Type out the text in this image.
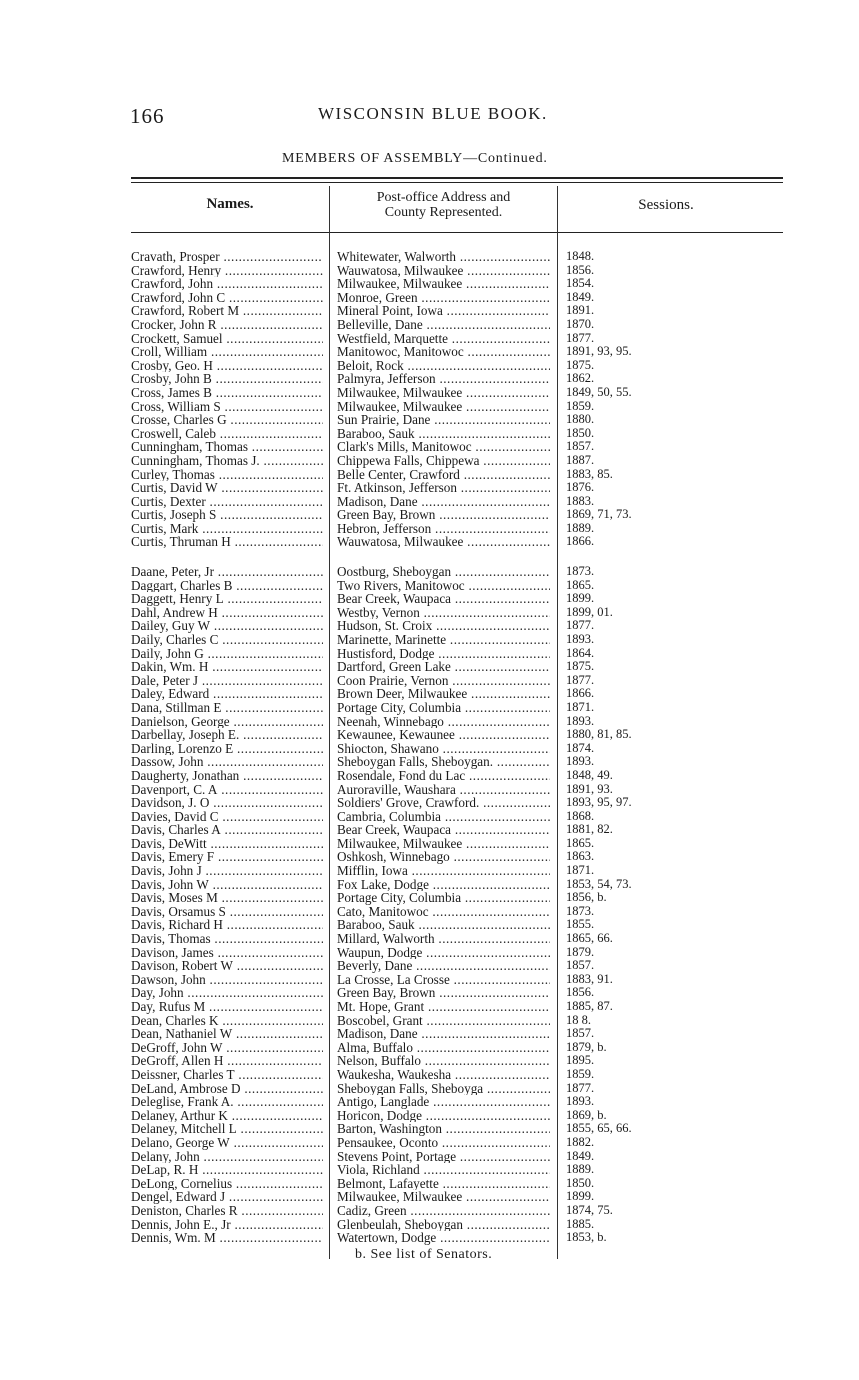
166	WISCONSIN BLUE BOOK.
MEMBERS OF ASSEMBLY—Continued.
Names.	Post-office Address and
County Represented.	Sessions.
Cravath, Prosper .....	Whitewater, Walworth .....	1848.
Crawford, Henry .....	Wauwatosa, Milwaukee .....	1856.
Crawford, John .....	Milwaukee, Milwaukee .....	1854.
Crawford, John C .....	Monroe, Green .....	1849.
Crawford, Robert M .....	Mineral Point, Iowa .....	1891.
Crocker, John R .....	Belleville, Dane .....	1870.
Crockett, Samuel .....	Westfield, Marquette .....	1877.
Croll, William .....	Manitowoc, Manitowoc .....	1891, 93, 95.
Crosby, Geo. H .....	Beloit, Rock .....	1875.
Crosby, John B .....	Palmyra, Jefferson .....	1862.
Cross, James B .....	Milwaukee, Milwaukee .....	1849, 50, 55.
Cross, William S .....	Milwaukee, Milwaukee .....	1859.
Crosse, Charles G .....	Sun Prairie, Dane .....	1880.
Croswell, Caleb .....	Baraboo, Sauk .....	1850.
Cunningham, Thomas .....	Clark's Mills, Manitowoc .....	1857.
Cunningham, Thomas J. .....	Chippewa Falls, Chippewa .....	1887.
Curley, Thomas .....	Belle Center, Crawford .....	1883, 85.
Curtis, David W .....	Ft. Atkinson, Jefferson .....	1876.
Curtis, Dexter .....	Madison, Dane .....	1883.
Curtis, Joseph S .....	Green Bay, Brown .....	1869, 71, 73.
Curtis, Mark .....	Hebron, Jefferson .....	1889.
Curtis, Thruman H .....	Wauwatosa, Milwaukee .....	1866.
Daane, Peter, Jr .....	Oostburg, Sheboygan .....	1873.
Daggart, Charles B .....	Two Rivers, Manitowoc .....	1865.
Daggett, Henry L .....	Bear Creek, Waupaca .....	1899.
Dahl, Andrew H .....	Westby, Vernon .....	1899, 01.
Dailey, Guy W .....	Hudson, St. Croix .....	1877.
Daily, Charles C .....	Marinette, Marinette .....	1893.
Daily, John G .....	Hustisford, Dodge .....	1864.
Dakin, Wm. H .....	Dartford, Green Lake .....	1875.
Dale, Peter J .....	Coon Prairie, Vernon .....	1877.
Daley, Edward .....	Brown Deer, Milwaukee .....	1866.
Dana, Stillman E .....	Portage City, Columbia .....	1871.
Danielson, George .....	Neenah, Winnebago .....	1893.
Darbellay, Joseph E. .....	Kewaunee, Kewaunee .....	1880, 81, 85.
Darling, Lorenzo E .....	Shiocton, Shawano .....	1874.
Dassow, John .....	Sheboygan Falls, Sheboygan. .....	1893.
Daugherty, Jonathan .....	Rosendale, Fond du Lac .....	1848, 49.
Davenport, C. A .....	Auroraville, Waushara .....	1891, 93.
Davidson, J. O .....	Soldiers' Grove, Crawford. .....	1893, 95, 97.
Davies, David C .....	Cambria, Columbia .....	1868.
Davis, Charles A .....	Bear Creek, Waupaca .....	1881, 82.
Davis, DeWitt .....	Milwaukee, Milwaukee .....	1865.
Davis, Emery F .....	Oshkosh, Winnebago .....	1863.
Davis, John J .....	Mifflin, Iowa .....	1871.
Davis, John W .....	Fox Lake, Dodge .....	1853, 54, 73.
Davis, Moses M .....	Portage City, Columbia .....	1856, b.
Davis, Orsamus S .....	Cato, Manitowoc .....	1873.
Davis, Richard H .....	Baraboo, Sauk .....	1855.
Davis, Thomas .....	Millard, Walworth .....	1865, 66.
Davison, James .....	Waupun, Dodge .....	1879.
Davison, Robert W .....	Beverly, Dane .....	1857.
Dawson, John .....	La Crosse, La Crosse .....	1883, 91.
Day, John .....	Green Bay, Brown .....	1856.
Day, Rufus M .....	Mt. Hope, Grant .....	1885, 87.
Dean, Charles K .....	Boscobel, Grant .....	18 8.
Dean, Nathaniel W .....	Madison, Dane .....	1857.
DeGroff, John W .....	Alma, Buffalo .....	1879, b.
DeGroff, Allen H .....	Nelson, Buffalo .....	1895.
Deissner, Charles T .....	Waukesha, Waukesha .....	1859.
DeLand, Ambrose D .....	Sheboygan Falls, Sheboyga .....	1877.
Deleglise, Frank A. .....	Antigo, Langlade .....	1893.
Delaney, Arthur K .....	Horicon, Dodge .....	1869, b.
Delaney, Mitchell L .....	Barton, Washington .....	1855, 65, 66.
Delano, George W .....	Pensaukee, Oconto .....	1882.
Delany, John .....	Stevens Point, Portage .....	1849.
DeLap, R. H .....	Viola, Richland .....	1889.
DeLong, Cornelius .....	Belmont, Lafayette .....	1850.
Dengel, Edward J .....	Milwaukee, Milwaukee .....	1899.
Deniston, Charles R .....	Cadiz, Green .....	1874, 75.
Dennis, John E., Jr .....	Glenbeulah, Sheboygan .....	1885.
Dennis, Wm. M .....	Watertown, Dodge .....	1853, b.
b. See list of Senators.
